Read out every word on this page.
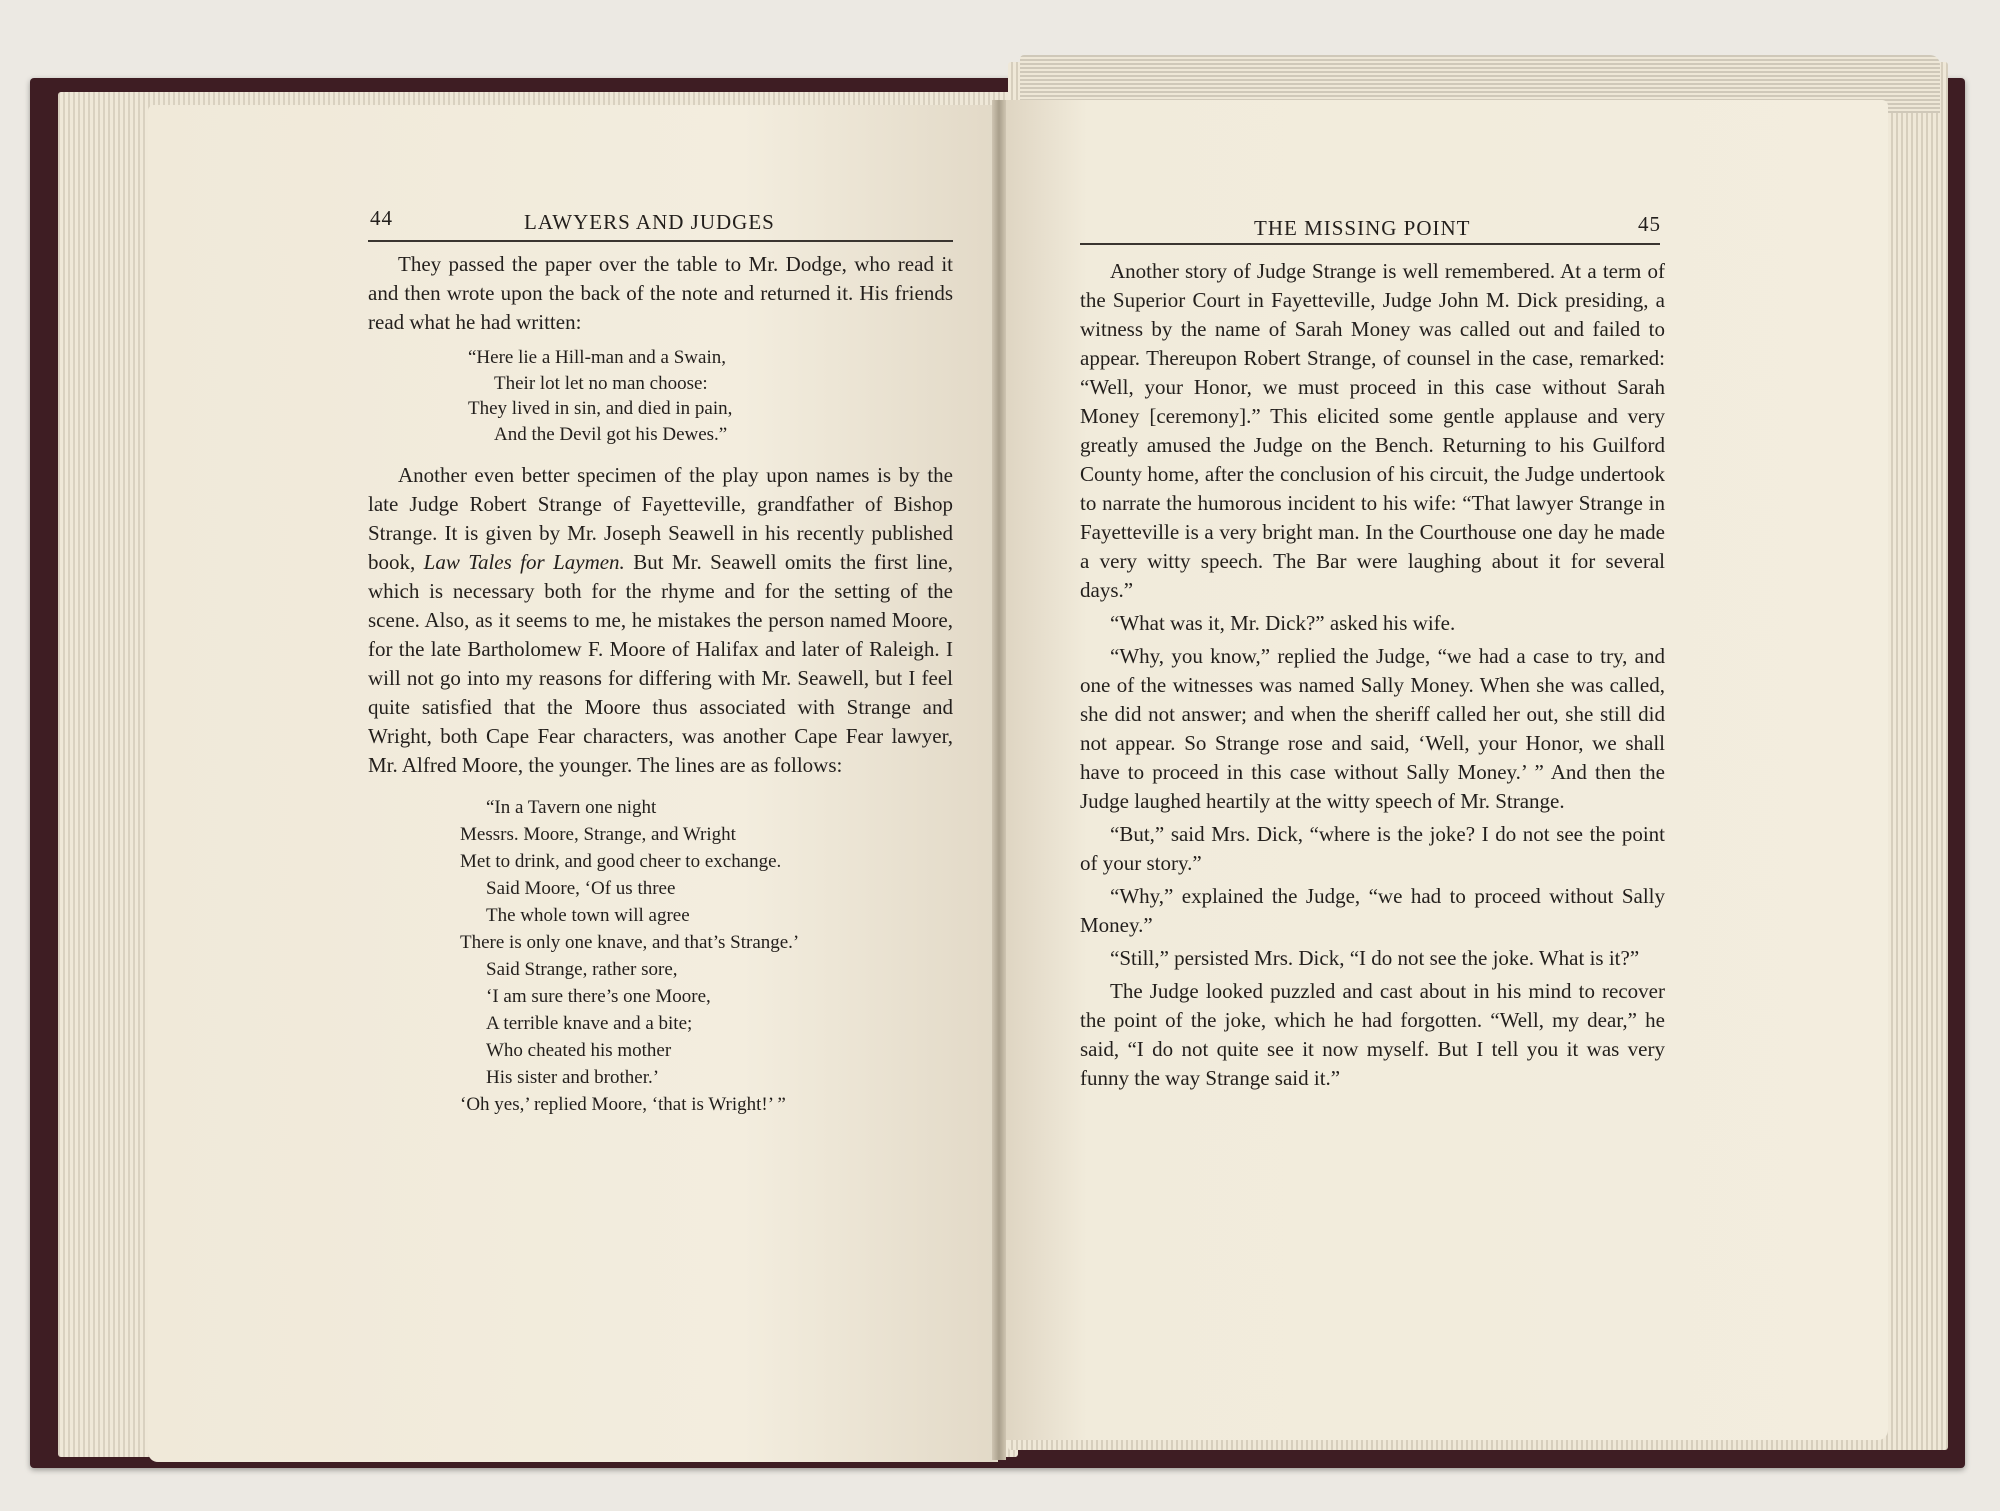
44	LAWYERS AND JUDGES

They passed the paper over the table to Mr. Dodge, who read it and then wrote upon the back of the note and returned it. His friends read what he had written:

“Here lie a Hill-man and a Swain,
Their lot let no man choose:
They lived in sin, and died in pain,
And the Devil got his Dewes.”

Another even better specimen of the play upon names is by the late Judge Robert Strange of Fayetteville, grandfather of Bishop Strange. It is given by Mr. Joseph Seawell in his recently published book, Law Tales for Laymen. But Mr. Seawell omits the first line, which is necessary both for the rhyme and for the setting of the scene. Also, as it seems to me, he mistakes the person named Moore, for the late Bartholomew F. Moore of Halifax and later of Raleigh. I will not go into my reasons for differing with Mr. Seawell, but I feel quite satisfied that the Moore thus associated with Strange and Wright, both Cape Fear characters, was another Cape Fear lawyer, Mr. Alfred Moore, the younger. The lines are as follows:

“In a Tavern one night
Messrs. Moore, Strange, and Wright
Met to drink, and good cheer to exchange.
Said Moore, ‘Of us three
The whole town will agree
There is only one knave, and that’s Strange.’
Said Strange, rather sore,
‘I am sure there’s one Moore,
A terrible knave and a bite;
Who cheated his mother
His sister and brother.’
‘Oh yes,’ replied Moore, ‘that is Wright!’ ”
THE MISSING POINT	45

Another story of Judge Strange is well remembered. At a term of the Superior Court in Fayetteville, Judge John M. Dick presiding, a witness by the name of Sarah Money was called out and failed to appear. Thereupon Robert Strange, of counsel in the case, remarked: “Well, your Honor, we must proceed in this case without Sarah Money [ceremony].” This elicited some gentle applause and very greatly amused the Judge on the Bench. Returning to his Guilford County home, after the conclusion of his circuit, the Judge undertook to narrate the humorous incident to his wife: “That lawyer Strange in Fayetteville is a very bright man. In the Courthouse one day he made a very witty speech. The Bar were laughing about it for several days.”

“What was it, Mr. Dick?” asked his wife.

“Why, you know,” replied the Judge, “we had a case to try, and one of the witnesses was named Sally Money. When she was called, she did not answer; and when the sheriff called her out, she still did not appear. So Strange rose and said, ‘Well, your Honor, we shall have to proceed in this case without Sally Money.’ ” And then the Judge laughed heartily at the witty speech of Mr. Strange.

“But,” said Mrs. Dick, “where is the joke? I do not see the point of your story.”

“Why,” explained the Judge, “we had to proceed without Sally Money.”

“Still,” persisted Mrs. Dick, “I do not see the joke. What is it?”

The Judge looked puzzled and cast about in his mind to recover the point of the joke, which he had forgotten. “Well, my dear,” he said, “I do not quite see it now myself. But I tell you it was very funny the way Strange said it.”
